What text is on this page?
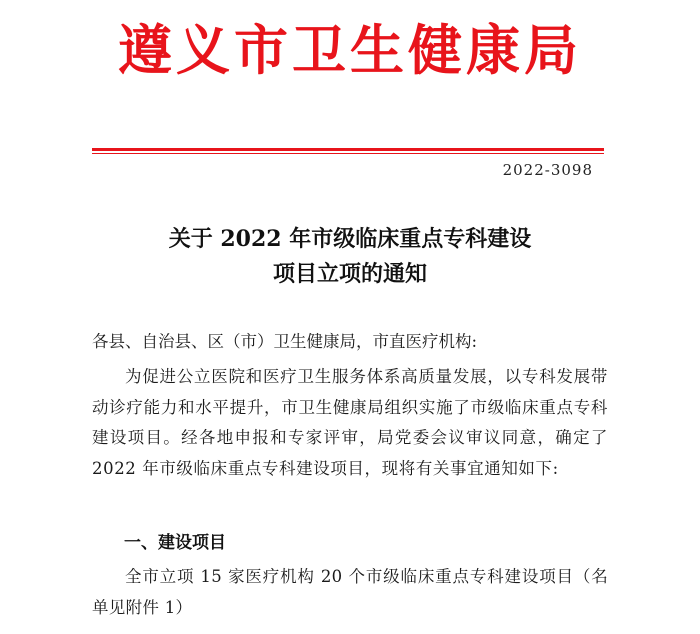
遵义市卫生健康局
2022-3098
关于 2022 年市级临床重点专科建设
项目立项的通知
各县、自治县、区（市）卫生健康局，市直医疗机构:
为促进公立医院和医疗卫生服务体系高质量发展，以专科发展带动诊疗能力和水平提升，市卫生健康局组织实施了市级临床重点专科建设项目。经各地申报和专家评审，局党委会议审议同意，确定了 2022 年市级临床重点专科建设项目，现将有关事宜通知如下:
一、建设项目
全市立项 15 家医疗机构 20 个市级临床重点专科建设项目（名单见附件 1）
